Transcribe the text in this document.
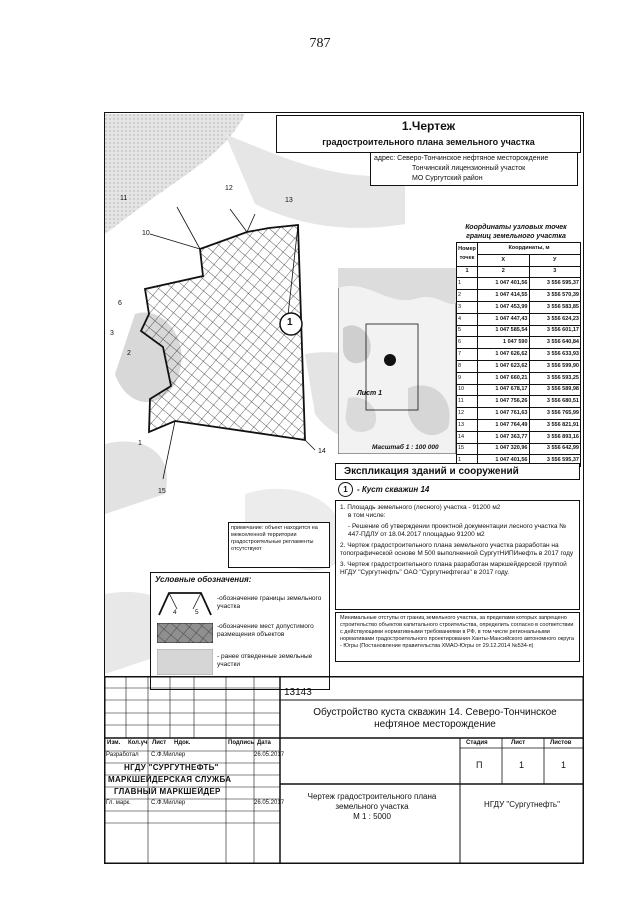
787
11
12
13
10
6
3
2
1
14
15
1
1.Чертеж
градостроительного плана земельного участка
адрес: Северо-Тончинское нефтяное месторождение
Тончинский лицензионный участок
МО Сургутский район
Координаты узловых точек
границ земельного участка
Номер точек	Координаты, м	
	X	У
1	2	3
1	1 047 401,56	3 556 595,37
2	1 047 414,55	3 556 570,39
3	1 047 453,99	3 556 583,85
4	1 047 447,43	3 556 624,23
5	1 047 585,54	3 556 601,17
6	1 047 590	3 556 640,84
7	1 047 626,62	3 556 633,93
8	1 047 623,62	3 556 599,90
9	1 047 660,21	3 556 593,25
10	1 047 678,17	3 556 589,98
11	1 047 756,26	3 556 680,51
12	1 047 761,63	3 556 765,99
13	1 047 764,49	3 556 821,91
14	1 047 363,77	3 556 893,16
15	1 047 320,96	3 556 642,99
1	1 047 401,56	3 556 595,37
Лист 1
Масштаб 1 : 100 000
Экспликация зданий и сооружений
1 - Куст скважин 14

1. Площадь земельного (лесного) участка - 91200 м2

в том числе:

- Решение об утверждении проектной документации лесного участка № 447-ПДЛУ от 18.04.2017 площадью 91200 м2

2. Чертеж градостроительного плана земельного участка разработан на топографической основе М 500 выполненной СургутНИПИнефть в 2017 году

3. Чертеж градостроительного плана разработан маркшейдерской группой НГДУ "Сургутнефть" ОАО "Сургутнефтегаз" в 2017 году.

примечание: объект находится на межселенной территории градостроительные регламенты отсутствуют
Условные обозначения:
4	5
-обозначение границы земельного участка
-обозначение мест допустимого размещения объектов
- ранее отведенные земельные участки
Минимальные отступы от границ земельного участка, за пределами которых запрещено строительство объектов капитального строительства, определить согласно в соответствии с действующими нормативными требованиями в РФ, в том числе региональными нормативами градостроительного проектирования Ханты-Мансийского автономного округа - Югры (Постановление правительства ХМАО-Югры от 29.12.2014 №534-п)
Изм. Кол.уч Лист Ндок.	Подпись Дата
Разработал С.Ф.Миллер	26.05.2017
Гл. марк.	С.Ф.Миллер	26.05.2017
НГДУ "СУРГУТНЕФТЬ"
МАРКШЕЙДЕРСКАЯ СЛУЖБА
ГЛАВНЫЙ МАРКШЕЙДЕР
Стадия	Лист	Листов
П	1	1
13143
Обустройство куста скважин 14. Северо-Тончинское нефтяное месторождение
Чертеж градостроительного плана
земельного участка
М 1 : 5000
НГДУ "Сургутнефть"
